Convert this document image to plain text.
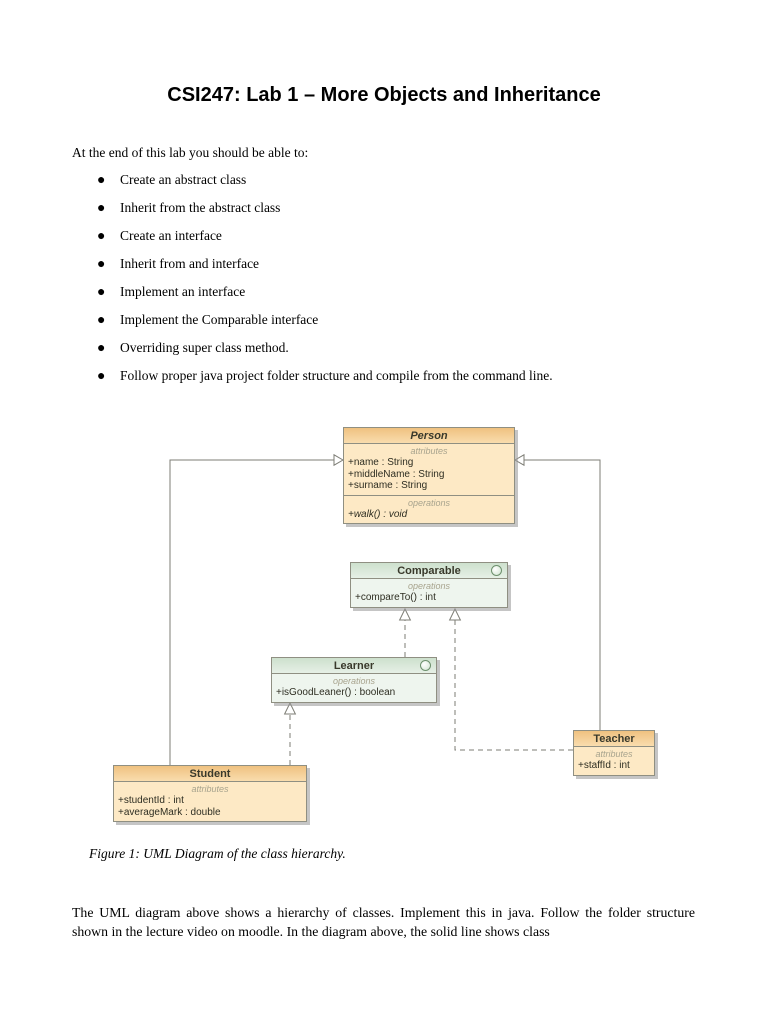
CSI247: Lab 1 – More Objects and Inheritance
At the end of this lab you should be able to:
● Create an abstract class
● Inherit from the abstract class
● Create an interface
● Inherit from and interface
● Implement an interface
● Implement the Comparable interface
● Overriding super class method.
● Follow proper java project folder structure and compile from the command line.
Person
attributes
+name : String
+middleName : String
+surname : String
operations
+walk() : void
Comparable
operations
+compareTo() : int
Learner
operations
+isGoodLeaner() : boolean
Teacher
attributes
+staffId : int
Student
attributes
+studentId : int
+averageMark : double
Figure 1: UML Diagram of the class hierarchy.

The UML diagram above shows a hierarchy of classes. Implement this in java. Follow the folder structure shown in the lecture video on moodle. In the diagram above, the solid line shows class
